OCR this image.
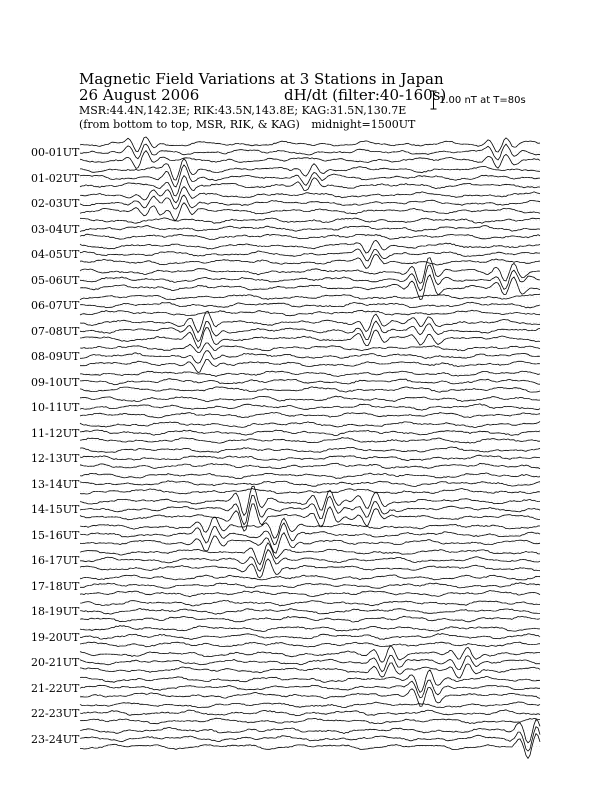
Magnetic Field Variations at 3 Stations in Japan
26 August 2006	dH/dt (filter:40-160s)
MSR:44.4N,142.3E; RIK:43.5N,143.8E; KAG:31.5N,130.7E
(from bottom to top, MSR, RIK, & KAG) midnight=1500UT
1.00 nT at T=80s
00-01UT
01-02UT
02-03UT
03-04UT
04-05UT
05-06UT
06-07UT
07-08UT
08-09UT
09-10UT
10-11UT
11-12UT
12-13UT
13-14UT
14-15UT
15-16UT
16-17UT
17-18UT
18-19UT
19-20UT
20-21UT
21-22UT
22-23UT
23-24UT
